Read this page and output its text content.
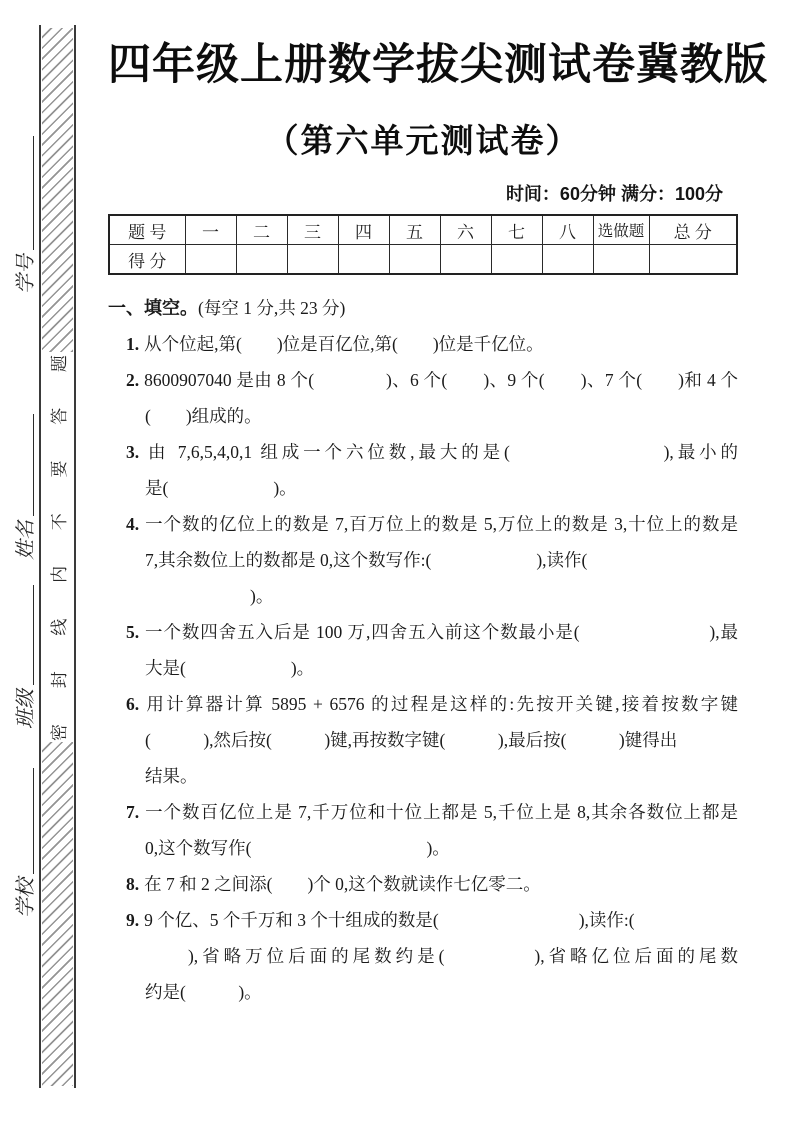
密
封
线
内
不
要
答
题
学号
姓名
班级
学校
四年级上册数学拔尖测试卷冀教版
（第六单元测试卷）
时间：60分钟 满分：100分
题 号	一	二	三	四	五	六	七	八	选做题	总 分
得 分										
一、填空。(每空 1 分,共 23 分)
1. 从个位起,第(　　)位是百亿位,第(　　)位是千亿位。
2. 8600907040 是由 8 个(　　　　)、6 个(　　)、9 个(　　)、7 个(　　)和 4 个
(　　)组成的。
3. 由 7,6,5,4,0,1 组成一个六位数,最大的是(　　　　　　　),最小的
是(　　　　　　)。
4. 一个数的亿位上的数是 7,百万位上的数是 5,万位上的数是 3,十位上的数是
7,其余数位上的数都是 0,这个数写作:(　　　　　　),读作(
　　　　　　)。
5. 一个数四舍五入后是 100 万,四舍五入前这个数最小是(　　　　　　　),最
大是(　　　　　　)。
6. 用计算器计算 5895 + 6576 的过程是这样的:先按开关键,接着按数字键
(　　　),然后按(　　　)键,再按数字键(　　　),最后按(　　　)键得出
结果。
7. 一个数百亿位上是 7,千万位和十位上都是 5,千位上是 8,其余各数位上都是
0,这个数写作(　　　　　　　　　　)。
8. 在 7 和 2 之间添(　　)个 0,这个数就读作七亿零二。
9. 9 个亿、5 个千万和 3 个十组成的数是(　　　　　　　　),读作:(
　　),省略万位后面的尾数约是(　　　　),省略亿位后面的尾数
约是(　　　)。
